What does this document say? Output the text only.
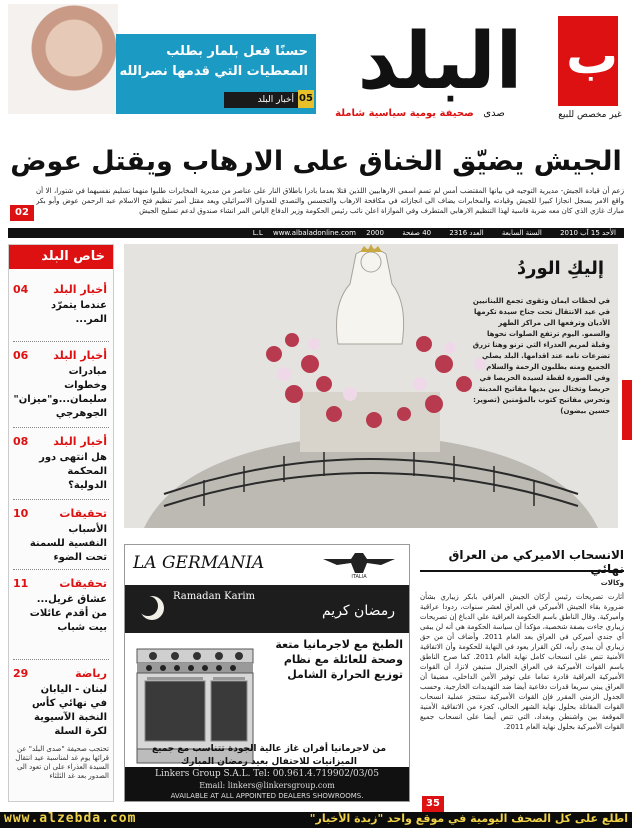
البلد ب
غير مخصص للبيع
صدى صحيفة يومية سياسية شاملة
حسنًا فعل بلمار بطلب
المعطيات التي قدمها نصرالله
أخبار البلد 05
الجيش يضيّق الخناق على الارهاب ويقتل عوض
زعم أن قيادة الجيش- مديرية التوجيه في بيانها المقتضب أمس لم تسم اسمي الارهابيين اللذين قتلا بعدما بادرا باطلاق النار على عناصر من مديرية المخابرات طلبوا منهما تسليم نفسيهما في شتورا، الا أن واقع الامر يسجل انجازا كبيرا للجيش وقيادته والمخابرات يضاف الى انجازاته في مكافحة الارهاب والتجسس والتصدي للعدوان الاسرائيلي ويعد مقتل أمير تنظيم فتح الاسلام عبد الرحمن عوض وأبو بكر مبارك غازي الذي كان معه ضربة قاسية لهذا التنظيم الارهابي المتطرف وفي الموازاة اعلن نائب رئيس الحكومة وزير الدفاع الياس المر انشاء صندوق لدعم تسليح الجيش
02
الأحد 15 آب 2010 السنة السابعة العدد 2316 40 صفحة 2000 L.L www.albaladonline.com
خاص البلد
أخبار البلد
04
عندما يتمرّد المر...
أخبار البلد
06
مبادرات وخطوات سليمان...و"ميزان" الجوهرجي
أخبار البلد
08
هل انتهى دور المحكمة الدولية؟
تحقيقات
10
الأسباب النفسية للسمنة تحت الضوء
تحقيقات
11
عشاق غريل... من أقدم عائلات بيت شباب
رياضة
29
لبنان - اليابان في نهائي كأس النخبة الآسيوية لكرة السلة
تحتجب صحيفة "صدى البلد" عن قرائها يوم غد لمناسبة عيد انتقال السيدة العذراء على ان تعود الى الصدور بعد غد الثلثاء
إليكِ الوردُ
في لحظات ايمان وتقوى تجمع اللبنانيين في عيد الانتقال تحت جناح سيدة تكرمها الأديان وترفعها الى مراكز الطهر والسمو. اليوم ترتفع الصلوات نحوها وقبلة لمريم العذراء التي ترنو وهنا تزرق تضرعات نامه عند اقدامها. البلد يصلي الجميع ومنه يطلبون الرحمة والسلام وفي الصورة لقطة لسيدة الحريصا في حريصا وتختال بين يديها مفاتيح المدينة وتحرس مفاتيح كتوب بالمؤمنين (تصوير: حسين بيضون)
الانسحاب الاميركي من العراق نهائي
وكالات
أثارت تصريحات رئيس أركان الجيش العراقي بابكر زيباري بشأن ضرورة بقاء الجيش الأميركي في العراق لعشر سنوات، ردودا عراقية وأميركية. وقال الناطق باسم الحكومة العراقية علي الدباغ إن تصريحات زيباري جاءت بصفة شخصية، مؤكدا أن سياسة الحكومة هي أنه لن يبقى أي جندي أميركي في العراق بعد العام 2011. وأضاف أن من حق زيباري أن يبدي رأيه، لكن القرار يعود في النهاية للحكومة وأن الاتفاقية الأمنية تنص على انسحاب كامل نهاية العام 2011. كما صرح الناطق باسم القوات الأميركية في العراق الجنرال ستيفن لانزا، أن القوات الأميركية العراقية قادرة تماما على توفير الأمن الداخلي، مضيفا أن العراق يبني سريعا قدرات دفاعية أيضا ضد التهديدات الخارجية. وحسب الجدول الزمني المقرر فإن القوات الأميركية ستنجز عملية انسحاب القوات المقاتلة بحلول نهاية الشهر الحالي، كجزء من الاتفاقية الأمنية الموقعة بين واشنطن وبغداد، التي تنص أيضا على انسحاب جميع القوات الأميركية بحلول نهاية العام 2011.
35
LA GERMANIA
ITALIA
Ramadan Karim
رمضان كريم
الطبخ مع لاجرمانيا متعة وصحة للعائلة مع نظام توزيع الحرارة الشامل
من لاجرمانيا أفران غاز عالية الجودة تتناسب مع جميع الميزانيات للاحتفال بعيد رمضان المبارك
Linkers Group S.A.L. Tel: 00.961.4.719902/03/05
Email: linkers@linkersgroup.com
AVAILABLE AT ALL APPOINTED DEALERS SHOWROOMS.
www.alzebda.com	اطلع على كل الصحف اليومية في موقع واحد "زبدة الأخبار"
